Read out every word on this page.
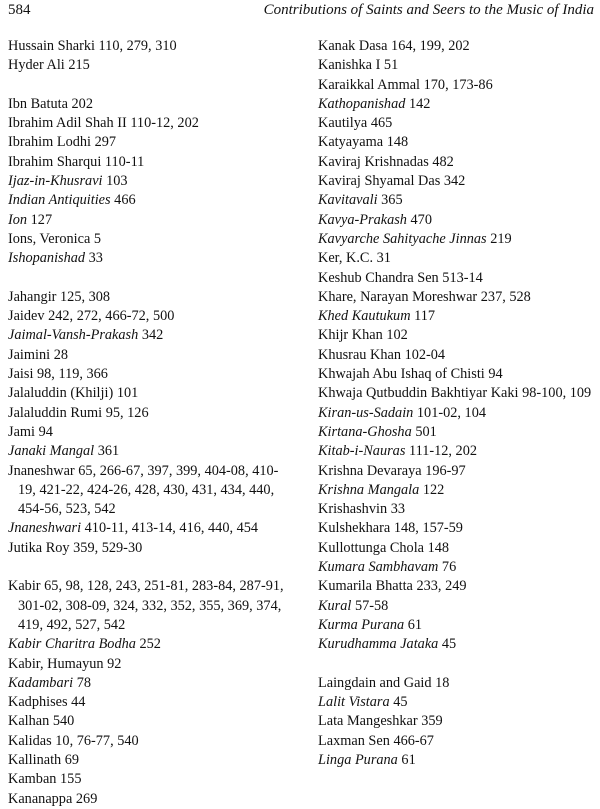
584	Contributions of Saints and Seers to the Music of India
Hussain Sharki 110, 279, 310
Hyder Ali 215
Ibn Batuta 202
Ibrahim Adil Shah II 110-12, 202
Ibrahim Lodhi 297
Ibrahim Sharqui 110-11
Ijaz-in-Khusravi 103
Indian Antiquities 466
Ion 127
Ions, Veronica 5
Ishopanishad 33
Jahangir 125, 308
Jaidev 242, 272, 466-72, 500
Jaimal-Vansh-Prakash 342
Jaimini 28
Jaisi 98, 119, 366
Jalaluddin (Khilji) 101
Jalaluddin Rumi 95, 126
Jami 94
Janaki Mangal 361
Jnaneshwar 65, 266-67, 397, 399, 404-08, 410-19, 421-22, 424-26, 428, 430, 431, 434, 440, 454-56, 523, 542
Jnaneshwari 410-11, 413-14, 416, 440, 454
Jutika Roy 359, 529-30
Kabir 65, 98, 128, 243, 251-81, 283-84, 287-91, 301-02, 308-09, 324, 332, 352, 355, 369, 374, 419, 492, 527, 542
Kabir Charitra Bodha 252
Kabir, Humayun 92
Kadambari 78
Kadphises 44
Kalhan 540
Kalidas 10, 76-77, 540
Kallinath 69
Kamban 155
Kananappa 269
Kanak Dasa 164, 199, 202
Kanishka I 51
Karaikkal Ammal 170, 173-86
Kathopanishad 142
Kautilya 465
Katyayama 148
Kaviraj Krishnadas 482
Kaviraj Shyamal Das 342
Kavitavali 365
Kavya-Prakash 470
Kavyarche Sahityache Jinnas 219
Ker, K.C. 31
Keshub Chandra Sen 513-14
Khare, Narayan Moreshwar 237, 528
Khed Kautukum 117
Khijr Khan 102
Khusrau Khan 102-04
Khwajah Abu Ishaq of Chisti 94
Khwaja Qutbuddin Bakhtiyar Kaki 98-100, 109
Kiran-us-Sadain 101-02, 104
Kirtana-Ghosha 501
Kitab-i-Nauras 111-12, 202
Krishna Devaraya 196-97
Krishna Mangala 122
Krishashvin 33
Kulshekhara 148, 157-59
Kullottunga Chola 148
Kumara Sambhavam 76
Kumarila Bhatta 233, 249
Kural 57-58
Kurma Purana 61
Kurudhamma Jataka 45
Laingdain and Gaid 18
Lalit Vistara 45
Lata Mangeshkar 359
Laxman Sen 466-67
Linga Purana 61
